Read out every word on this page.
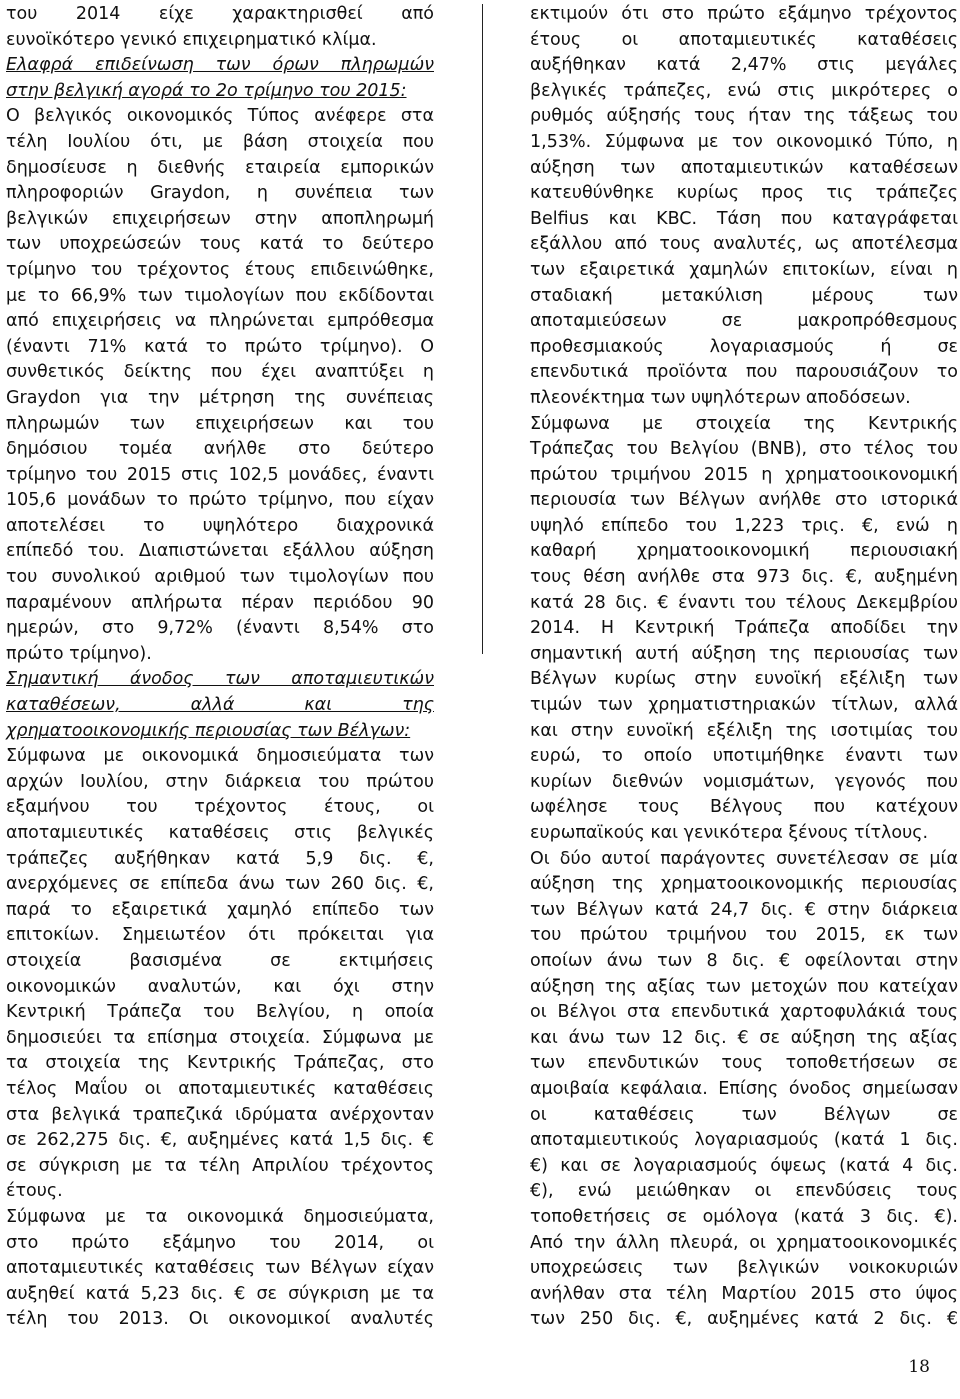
του 2014 είχε χαρακτηρισθεί από
ευνοϊκότερο γενικό επιχειρηματικό κλίμα.
Ελαφρά επιδείνωση των όρων πληρωμών
στην βελγική αγορά το 2ο τρίμηνο του 2015:
Ο βελγικός οικονομικός Τύπος ανέφερε στα
τέλη Ιουλίου ότι, με βάση στοιχεία που
δημοσίευσε η διεθνής εταιρεία εμπορικών
πληροφοριών Graydon, η συνέπεια των
βελγικών επιχειρήσεων στην αποπληρωμή
των υποχρεώσεών τους κατά το δεύτερο
τρίμηνο του τρέχοντος έτους επιδεινώθηκε,
με το 66,9% των τιμολογίων που εκδίδονται
από επιχειρήσεις να πληρώνεται εμπρόθεσμα
(έναντι 71% κατά το πρώτο τρίμηνο). Ο
συνθετικός δείκτης που έχει αναπτύξει η
Graydon για την μέτρηση της συνέπειας
πληρωμών των επιχειρήσεων και του
δημόσιου τομέα ανήλθε στο δεύτερο
τρίμηνο του 2015 στις 102,5 μονάδες, έναντι
105,6 μονάδων το πρώτο τρίμηνο, που είχαν
αποτελέσει το υψηλότερο διαχρονικά
επίπεδό του. Διαπιστώνεται εξάλλου αύξηση
του συνολικού αριθμού των τιμολογίων που
παραμένουν απλήρωτα πέραν περιόδου 90
ημερών, στο 9,72% (έναντι 8,54% στο
πρώτο τρίμηνο).
Σημαντική άνοδος των αποταμιευτικών
καταθέσεων, αλλά και της
χρηματοοικονομικής περιουσίας των Βέλγων:
Σύμφωνα με οικονομικά δημοσιεύματα των
αρχών Ιουλίου, στην διάρκεια του πρώτου
εξαμήνου του τρέχοντος έτους, οι
αποταμιευτικές καταθέσεις στις βελγικές
τράπεζες αυξήθηκαν κατά 5,9 δις. €,
ανερχόμενες σε επίπεδα άνω των 260 δις. €,
παρά το εξαιρετικά χαμηλό επίπεδο των
επιτοκίων. Σημειωτέον ότι πρόκειται για
στοιχεία βασισμένα σε εκτιμήσεις
οικονομικών αναλυτών, και όχι στην
Κεντρική Τράπεζα του Βελγίου, η οποία
δημοσιεύει τα επίσημα στοιχεία. Σύμφωνα με
τα στοιχεία της Κεντρικής Τράπεζας, στο
τέλος Μαΐου οι αποταμιευτικές καταθέσεις
στα βελγικά τραπεζικά ιδρύματα ανέρχονταν
σε 262,275 δις. €, αυξημένες κατά 1,5 δις. €
σε σύγκριση με τα τέλη Απριλίου τρέχοντος
έτους.
Σύμφωνα με τα οικονομικά δημοσιεύματα,
στο πρώτο εξάμηνο του 2014, οι
αποταμιευτικές καταθέσεις των Βέλγων είχαν
αυξηθεί κατά 5,23 δις. € σε σύγκριση με τα
τέλη του 2013. Οι οικονομικοί αναλυτές
εκτιμούν ότι στο πρώτο εξάμηνο τρέχοντος
έτους οι αποταμιευτικές καταθέσεις
αυξήθηκαν κατά 2,47% στις μεγάλες
βελγικές τράπεζες, ενώ στις μικρότερες ο
ρυθμός αύξησής τους ήταν της τάξεως του
1,53%. Σύμφωνα με τον οικονομικό Τύπο, η
αύξηση των αποταμιευτικών καταθέσεων
κατευθύνθηκε κυρίως προς τις τράπεζες
Belfius και KBC. Τάση που καταγράφεται
εξάλλου από τους αναλυτές, ως αποτέλεσμα
των εξαιρετικά χαμηλών επιτοκίων, είναι η
σταδιακή μετακύλιση μέρους των
αποταμιεύσεων σε μακροπρόθεσμους
προθεσμιακούς λογαριασμούς ή σε
επενδυτικά προϊόντα που παρουσιάζουν το
πλεονέκτημα των υψηλότερων αποδόσεων.
Σύμφωνα με στοιχεία της Κεντρικής
Τράπεζας του Βελγίου (BNB), στο τέλος του
πρώτου τριμήνου 2015 η χρηματοοικονομική
περιουσία των Βέλγων ανήλθε στο ιστορικά
υψηλό επίπεδο του 1,223 τρις. €, ενώ η
καθαρή χρηματοοικονομική περιουσιακή
τους θέση ανήλθε στα 973 δις. €, αυξημένη
κατά 28 δις. € έναντι του τέλους Δεκεμβρίου
2014. Η Κεντρική Τράπεζα αποδίδει την
σημαντική αυτή αύξηση της περιουσίας των
Βέλγων κυρίως στην ευνοϊκή εξέλιξη των
τιμών των χρηματιστηριακών τίτλων, αλλά
και στην ευνοϊκή εξέλιξη της ισοτιμίας του
ευρώ, το οποίο υποτιμήθηκε έναντι των
κυρίων διεθνών νομισμάτων, γεγονός που
ωφέλησε τους Βέλγους που κατέχουν
ευρωπαϊκούς και γενικότερα ξένους τίτλους.
Οι δύο αυτοί παράγοντες συνετέλεσαν σε μία
αύξηση της χρηματοοικονομικής περιουσίας
των Βέλγων κατά 24,7 δις. € στην διάρκεια
του πρώτου τριμήνου του 2015, εκ των
οποίων άνω των 8 δις. € οφείλονται στην
αύξηση της αξίας των μετοχών που κατείχαν
οι Βέλγοι στα επενδυτικά χαρτοφυλάκιά τους
και άνω των 12 δις. € σε αύξηση της αξίας
των επενδυτικών τους τοποθετήσεων σε
αμοιβαία κεφάλαια. Επίσης όνοδος σημείωσαν
οι καταθέσεις των Βέλγων σε
αποταμιευτικούς λογαριασμούς (κατά 1 δις.
€) και σε λογαριασμούς όψεως (κατά 4 δις.
€), ενώ μειώθηκαν οι επενδύσεις τους
τοποθετήσεις σε ομόλογα (κατά 3 δις. €).
Από την άλλη πλευρά, οι χρηματοοικονομικές
υποχρεώσεις των βελγικών νοικοκυριών
ανήλθαν στα τέλη Μαρτίου 2015 στο ύψος
των 250 δις. €, αυξημένες κατά 2 δις. €
18
